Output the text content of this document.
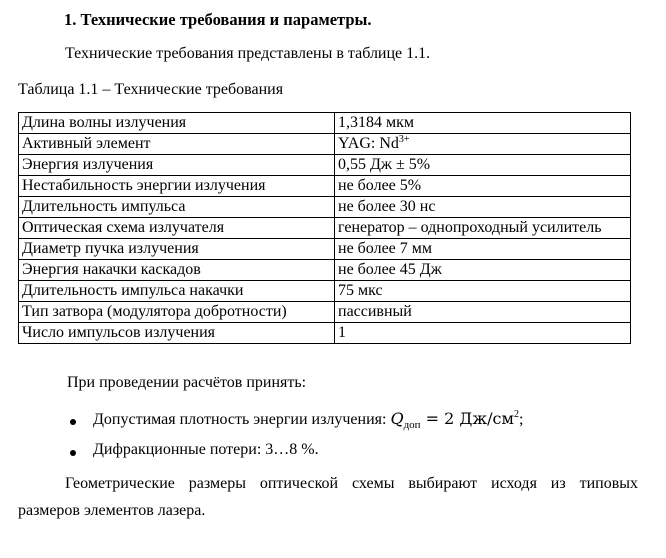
1. Технические требования и параметры.
Технические требования представлены в таблице 1.1.
Таблица 1.1 – Технические требования
Длина волны излучения	1,3184 мкм
Активный элемент	YAG: $Nd^{3+}$
Энергия излучения	0,55 Дж ± 5%
Нестабильность энергии излучения	не более 5%
Длительность импульса	не более 30 нс
Оптическая схема излучателя	генератор – однопроходный усилитель
Диаметр пучка излучения	не более 7 мм
Энергия накачки каскадов	не более 45 Дж
Длительность импульса накачки	75 мкс
Тип затвора (модулятора добротности)	пассивный
Число импульсов излучения	1
При проведении расчётов принять:
Допустимая плотность энергии излучения: $Q_{доп} = 2$ $Дж/см^2$;
Дифракционные потери: 3…8 %.
Геометрические размеры оптической схемы выбирают исходя из типовых
размеров элементов лазера.
